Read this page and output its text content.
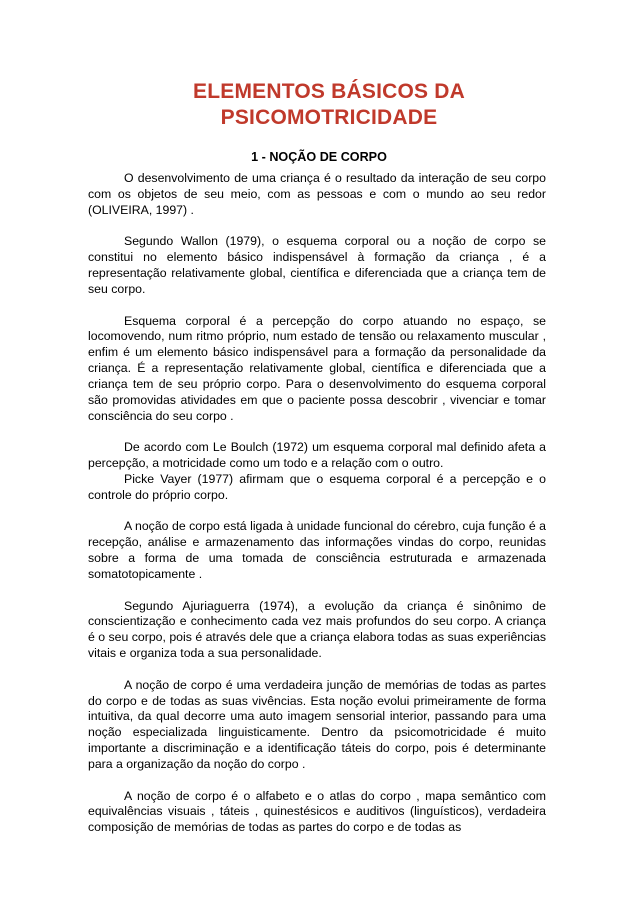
ELEMENTOS BÁSICOS DA
PSICOMOTRICIDADE
1 - NOÇÃO DE CORPO

O desenvolvimento de uma criança é o resultado da interação de seu corpo com os objetos de seu meio, com as pessoas e com o mundo ao seu redor (OLIVEIRA, 1997) .

Segundo Wallon (1979), o esquema corporal ou a noção de corpo se constitui no elemento básico indispensável à formação da criança , é a representação relativamente global, científica e diferenciada que a criança tem de seu corpo.

Esquema corporal é a percepção do corpo atuando no espaço, se locomovendo, num ritmo próprio, num estado de tensão ou relaxamento muscular , enfim é um elemento básico indispensável para a formação da personalidade da criança. É a representação relativamente global, científica e diferenciada que a criança tem de seu próprio corpo. Para o desenvolvimento do esquema corporal são promovidas atividades em que o paciente possa descobrir , vivenciar e tomar consciência do seu corpo .

De acordo com Le Boulch (1972) um esquema corporal mal definido afeta a percepção, a motricidade como um todo e a relação com o outro.

Picke Vayer (1977) afirmam que o esquema corporal é a percepção e o controle do próprio corpo.

A noção de corpo está ligada à unidade funcional do cérebro, cuja função é a recepção, análise e armazenamento das informações vindas do corpo, reunidas sobre a forma de uma tomada de consciência estruturada e armazenada somatotopicamente .

Segundo Ajuriaguerra (1974), a evolução da criança é sinônimo de conscientização e conhecimento cada vez mais profundos do seu corpo. A criança é o seu corpo, pois é através dele que a criança elabora todas as suas experiências vitais e organiza toda a sua personalidade.

A noção de corpo é uma verdadeira junção de memórias de todas as partes do corpo e de todas as suas vivências. Esta noção evolui primeiramente de forma intuitiva, da qual decorre uma auto imagem sensorial interior, passando para uma noção especializada linguisticamente. Dentro da psicomotricidade é muito importante a discriminação e a identificação táteis do corpo, pois é determinante para a organização da noção do corpo .

A noção de corpo é o alfabeto e o atlas do corpo , mapa semântico com equivalências visuais , táteis , quinestésicos e auditivos (linguísticos), verdadeira composição de memórias de todas as partes do corpo e de todas as
